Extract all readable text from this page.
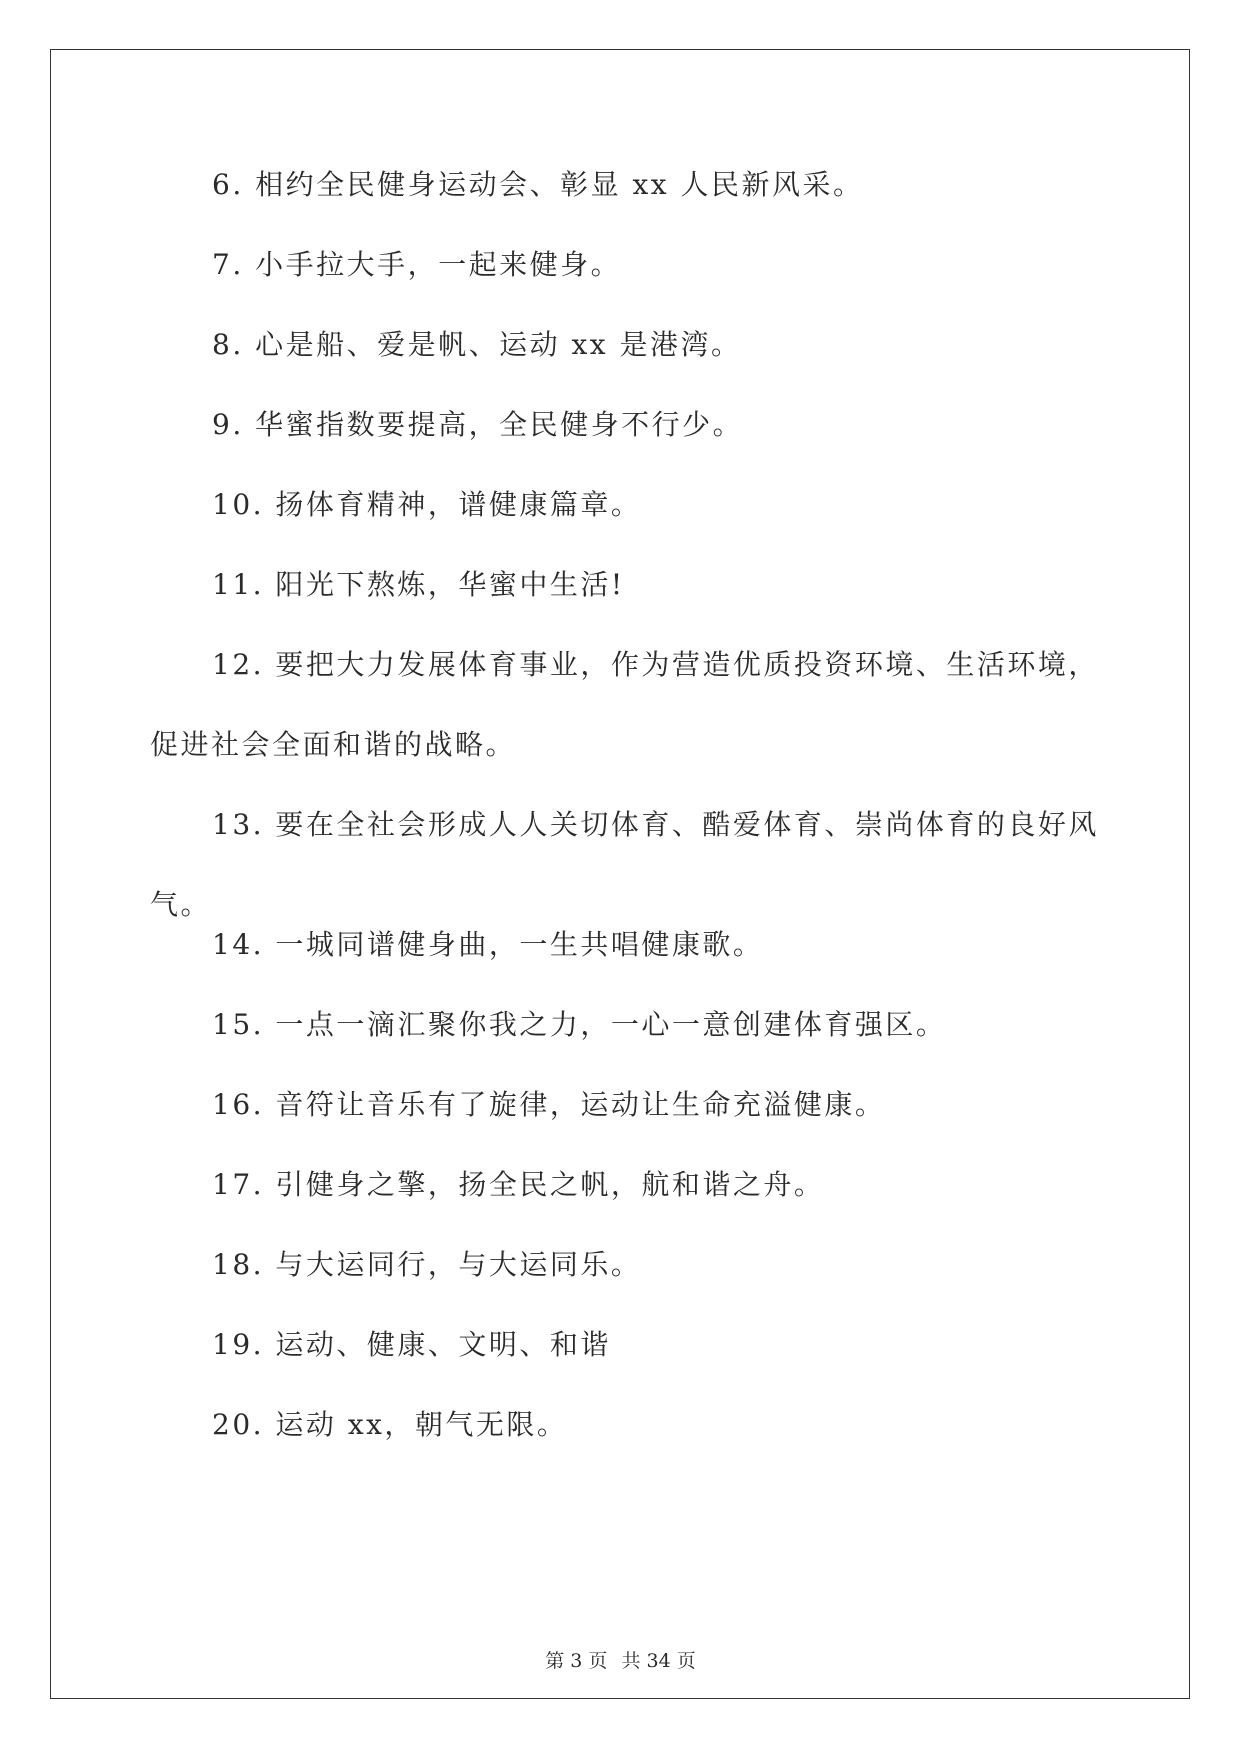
6. 相约全民健身运动会、彰显 xx 人民新风采。

7. 小手拉大手，一起来健身。

8. 心是船、爱是帆、运动 xx 是港湾。

9. 华蜜指数要提高，全民健身不行少。

10. 扬体育精神，谱健康篇章。

11. 阳光下熬炼，华蜜中生活!

12. 要把大力发展体育事业，作为营造优质投资环境、生活环境，促进社会全面和谐的战略。

13. 要在全社会形成人人关切体育、酷爱体育、崇尚体育的良好风气。

14. 一城同谱健身曲，一生共唱健康歌。

15. 一点一滴汇聚你我之力，一心一意创建体育强区。

16. 音符让音乐有了旋律，运动让生命充溢健康。

17. 引健身之擎，扬全民之帆，航和谐之舟。

18. 与大运同行，与大运同乐。

19. 运动、健康、文明、和谐

20. 运动 xx，朝气无限。

第 3 页 共 34 页
